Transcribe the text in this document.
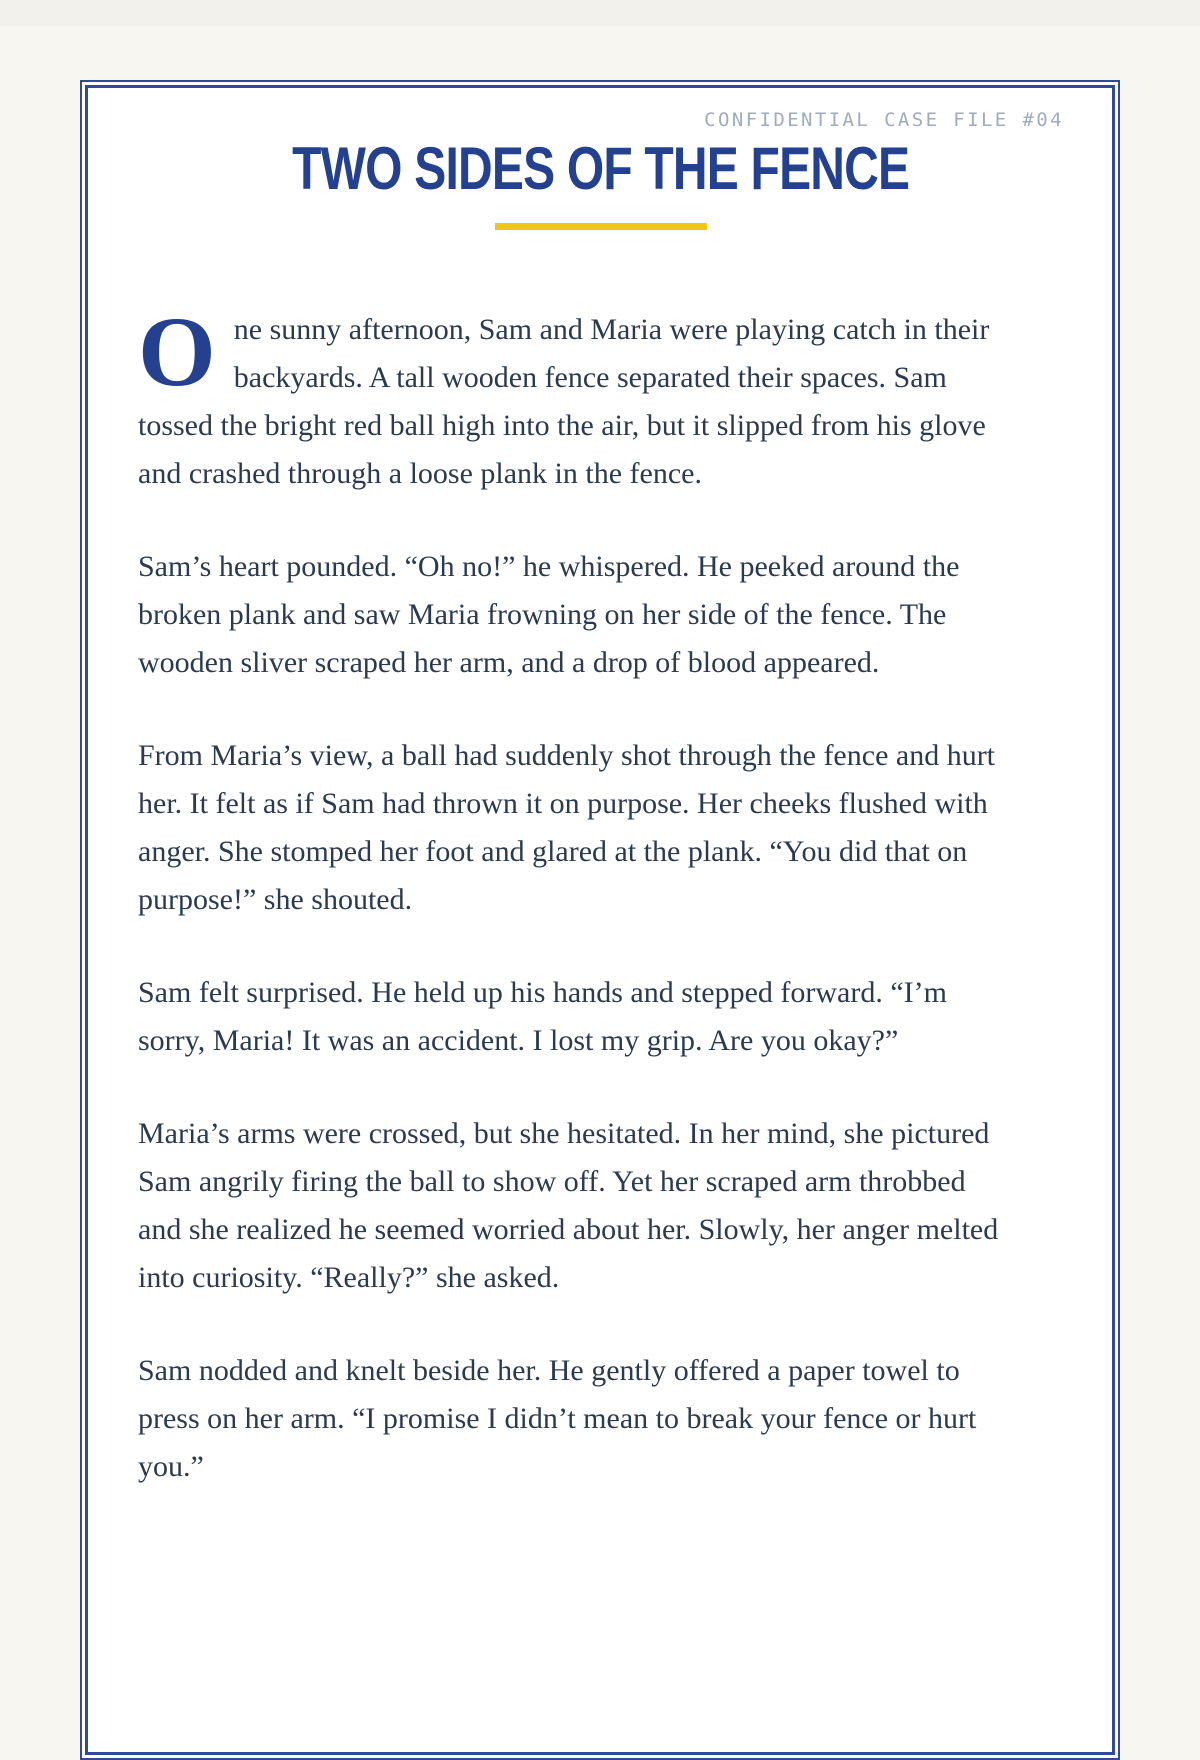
CONFIDENTIAL CASE FILE #04
TWO SIDES OF THE FENCE

One sunny afternoon, Sam and Maria were playing catch in their backyards. A tall wooden fence separated their spaces. Sam tossed the bright red ball high into the air, but it slipped from his glove and crashed through a loose plank in the fence.

Sam’s heart pounded. “Oh no!” he whispered. He peeked around the broken plank and saw Maria frowning on her side of the fence. The wooden sliver scraped her arm, and a drop of blood appeared.

From Maria’s view, a ball had suddenly shot through the fence and hurt her. It felt as if Sam had thrown it on purpose. Her cheeks flushed with anger. She stomped her foot and glared at the plank. “You did that on purpose!” she shouted.

Sam felt surprised. He held up his hands and stepped forward. “I’m sorry, Maria! It was an accident. I lost my grip. Are you okay?”

Maria’s arms were crossed, but she hesitated. In her mind, she pictured Sam angrily firing the ball to show off. Yet her scraped arm throbbed and she realized he seemed worried about her. Slowly, her anger melted into curiosity. “Really?” she asked.

Sam nodded and knelt beside her. He gently offered a paper towel to press on her arm. “I promise I didn’t mean to break your fence or hurt you.”
